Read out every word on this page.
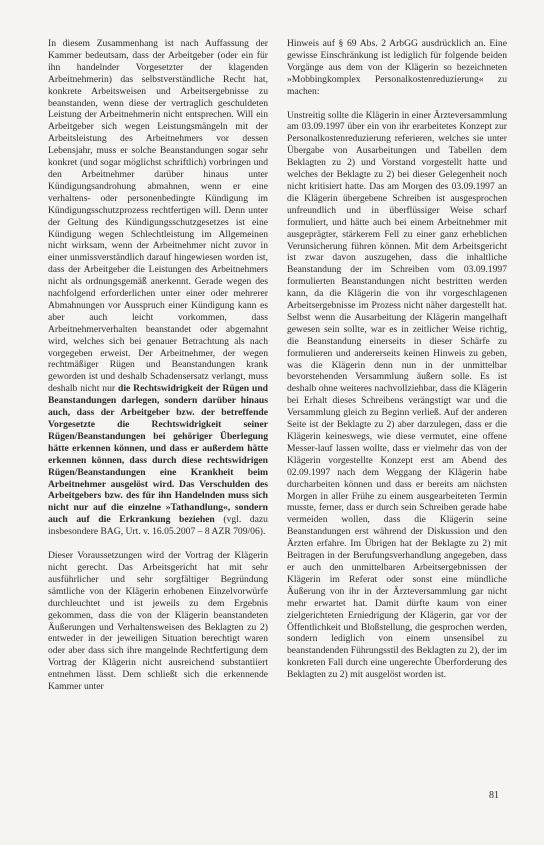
In diesem Zusammenhang ist nach Auffassung der Kammer bedeutsam, dass der Arbeitgeber (oder ein für ihn handelnder Vorgesetzter der klagenden Arbeitnehmerin) das selbstverständliche Recht hat, konkrete Arbeitsweisen und Arbeitsergebnisse zu beanstanden, wenn diese der vertraglich geschuldeten Leistung der Arbeitnehmerin nicht entsprechen. Will ein Arbeitgeber sich wegen Leistungsmängeln mit der Arbeitsleistung des Arbeitnehmers vor dessen Lebensjahr, muss er solche Beanstandungen sogar sehr konkret (und sogar möglichst schriftlich) vorbringen und den Arbeitnehmer darüber hinaus unter Kündigungsandrohung abmahnen, wenn er eine verhaltens- oder personenbedingte Kündigung im Kündigungsschutzprozess rechtfertigen will. Denn unter der Geltung des Kündigungsschutzgesetzes ist eine Kündigung wegen Schlechtleistung im Allgemeinen nicht wirksam, wenn der Arbeitnehmer nicht zuvor in einer unmissverständlich darauf hingewiesen worden ist, dass der Arbeitgeber die Leistungen des Arbeitnehmers nicht als ordnungsgemäß anerkennt. Gerade wegen des nachfolgend erforderlichen unter einer oder mehrerer Abmahnungen vor Ausspruch einer Kündigung kann es aber auch leicht vorkommen, dass Arbeitnehmerverhalten beanstandet oder abgemahnt wird, welches sich bei genauer Betrachtung als nach vorgegeben erweist. Der Arbeitnehmer, der wegen rechtmäßiger Rügen und Beanstandungen krank geworden ist und deshalb Schadensersatz verlangt, muss deshalb nicht nur die Rechtswidrigkeit der Rügen und Beanstandungen darlegen, sondern darüber hinaus auch, dass der Arbeitgeber bzw. der betreffende Vorgesetzte die Rechtswidrigkeit seiner Rügen/Beanstandungen bei gehöriger Überlegung hätte erkennen können, und dass er außerdem hätte erkennen können, dass durch diese rechtswidrigen Rügen/Beanstandungen eine Krankheit beim Arbeitnehmer ausgelöst wird. Das Verschulden des Arbeitgebers bzw. des für ihn Handelnden muss sich nicht nur auf die einzelne »Tathandlung«, sondern auch auf die Erkrankung beziehen (vgl. dazu insbesondere BAG, Urt. v. 16.05.2007 – 8 AZR 709/06).

Dieser Voraussetzungen wird der Vortrag der Klägerin nicht gerecht. Das Arbeitsgericht hat mit sehr ausführlicher und sehr sorgfältiger Begründung sämtliche von der Klägerin erhobenen Einzelvorwürfe durchleuchtet und ist jeweils zu dem Ergebnis gekommen, dass die von der Klägerin beanstandeten Äußerungen und Verhaltensweisen des Beklagten zu 2) entweder in der jeweiligen Situation berechtigt waren oder aber dass sich ihre mangelnde Rechtfertigung dem Vortrag der Klägerin nicht ausreichend substantiiert entnehmen lässt. Dem schließt sich die erkennende Kammer unter

Hinweis auf § 69 Abs. 2 ArbGG ausdrücklich an. Eine gewisse Einschränkung ist lediglich für folgende beiden Vorgänge aus dem von der Klägerin so bezeichneten »Mobbingkomplex Personalkostenreduzierung« zu machen:

Unstreitig sollte die Klägerin in einer Ärzteversammlung am 03.09.1997 über ein von ihr erarbeitetes Konzept zur Personalkostenreduzierung referieren, welches sie unter Übergabe von Ausarbeitungen und Tabellen dem Beklagten zu 2) und Vorstand vorgestellt hatte und welches der Beklagte zu 2) bei dieser Gelegenheit noch nicht kritisiert hatte. Das am Morgen des 03.09.1997 an die Klägerin übergebene Schreiben ist ausgesprochen unfreundlich und in überflüssiger Weise scharf formuliert, und hätte auch bei einem Arbeitnehmer mit ausgeprägter, stärkerem Fell zu einer ganz erheblichen Verunsicherung führen können. Mit dem Arbeitsgericht ist zwar davon auszugehen, dass die inhaltliche Beanstandung der im Schreiben vom 03.09.1997 formulierten Beanstandungen nicht bestritten werden kann, da die Klägerin die von ihr vorgeschlagenen Arbeitsergebnisse im Prozess nicht näher dargestellt hat. Selbst wenn die Ausarbeitung der Klägerin mangelhaft gewesen sein sollte, war es in zeitlicher Weise richtig, die Beanstandung einerseits in dieser Schärfe zu formulieren und andererseits keinen Hinweis zu geben, was die Klägerin denn nun in der unmittelbar bevorstehenden Versammlung äußern solle. Es ist deshalb ohne weiteres nachvollziehbar, dass die Klägerin bei Erhalt dieses Schreibens verängstigt war und die Versammlung gleich zu Beginn verließ. Auf der anderen Seite ist der Beklagte zu 2) aber darzulegen, dass er die Klägerin keineswegs, wie diese vermutet, eine offene Messer-lauf lassen wollte, dass er vielmehr das von der Klägerin vorgestellte Konzept erst am Abend des 02.09.1997 nach dem Weggang der Klägerin habe durcharbeiten können und dass er bereits am nächsten Morgen in aller Frühe zu einem ausgearbeiteten Termin musste, ferner, dass er durch sein Schreiben gerade habe vermeiden wollen, dass die Klägerin seine Beanstandungen erst während der Diskussion und den Ärzten erfahre. Im Übrigen hat der Beklagte zu 2) mit Beitragen in der Berufungsverhandlung angegeben, dass er auch den unmittelbaren Arbeitsergebnissen der Klägerin im Referat oder sonst eine mündliche Äußerung von ihr in der Ärzteversammlung gar nicht mehr erwartet hat. Damit dürfte kaum von einer zielgerichteten Erniedrigung der Klägerin, gar vor der Öffentlichkeit und Bloßstellung, die gesprochen werden, sondern lediglich von einem unsensibel zu beanstandenden Führungsstil des Beklagten zu 2), der im konkreten Fall durch eine ungerechte Überforderung des Beklagten zu 2) mit ausgelöst worden ist.

81
